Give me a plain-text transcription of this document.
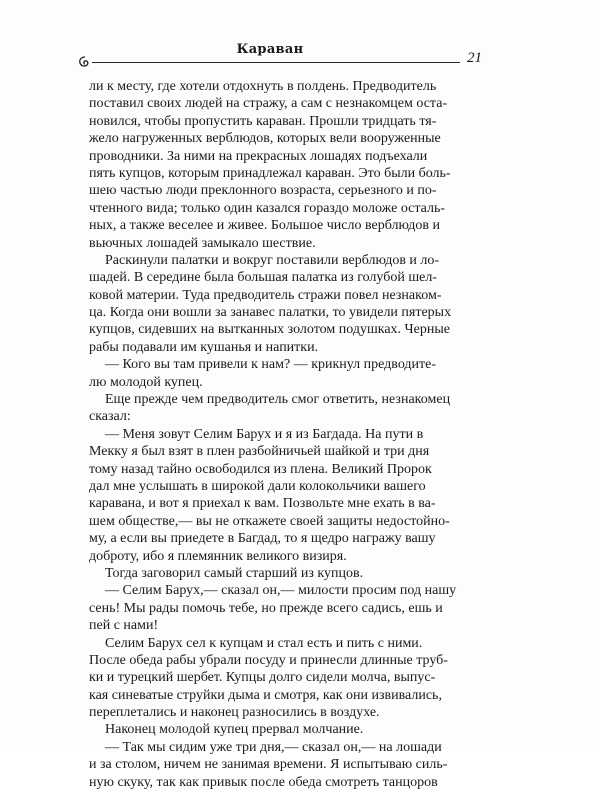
Караван
21
ли к месту, где хотели отдохнуть в полдень. Предводитель
поставил своих людей на стражу, а сам с незнакомцем оста-
новился, чтобы пропустить караван. Прошли тридцать тя-
жело нагруженных верблюдов, которых вели вооруженные
проводники. За ними на прекрасных лошадях подъехали
пять купцов, которым принадлежал караван. Это были боль-
шею частью люди преклонного возраста, серьезного и по-
чтенного вида; только один казался гораздо моложе осталь-
ных, а также веселее и живее. Большое число верблюдов и
вьючных лошадей замыкало шествие.
Раскинули палатки и вокруг поставили верблюдов и ло-
шадей. В середине была большая палатка из голубой шел-
ковой материи. Туда предводитель стражи повел незнаком-
ца. Когда они вошли за занавес палатки, то увидели пятерых
купцов, сидевших на вытканных золотом подушках. Черные
рабы подавали им кушанья и напитки.
— Кого вы там привели к нам? — крикнул предводите-
лю молодой купец.
Еще прежде чем предводитель смог ответить, незнакомец
сказал:
— Меня зовут Селим Барух и я из Багдада. На пути в
Мекку я был взят в плен разбойничьей шайкой и три дня
тому назад тайно освободился из плена. Великий Пророк
дал мне услышать в широкой дали колокольчики вашего
каравана, и вот я приехал к вам. Позвольте мне ехать в ва-
шем обществе,— вы не откажете своей защиты недостойно-
му, а если вы приедете в Багдад, то я щедро награжу вашу
доброту, ибо я племянник великого визиря.
Тогда заговорил самый старший из купцов.
— Селим Барух,— сказал он,— милости просим под нашу
сень! Мы рады помочь тебе, но прежде всего садись, ешь и
пей с нами!
Селим Барух сел к купцам и стал есть и пить с ними.
После обеда рабы убрали посуду и принесли длинные труб-
ки и турецкий шербет. Купцы долго сидели молча, выпус-
кая синеватые струйки дыма и смотря, как они извивались,
переплетались и наконец разносились в воздухе.
Наконец молодой купец прервал молчание.
— Так мы сидим уже три дня,— сказал он,— на лошади
и за столом, ничем не занимая времени. Я испытываю силь-
ную скуку, так как привык после обеда смотреть танцоров
